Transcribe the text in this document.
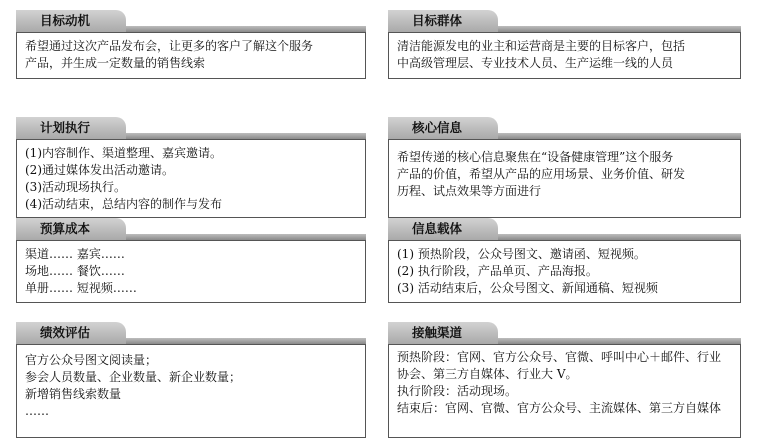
目标动机
希望通过这次产品发布会，让更多的客户了解这个服务
产品，并生成一定数量的销售线索
目标群体
清洁能源发电的业主和运营商是主要的目标客户，包括
中高级管理层、专业技术人员、生产运维一线的人员
计划执行
(1)内容制作、渠道整理、嘉宾邀请。
(2)通过媒体发出活动邀请。
(3)活动现场执行。
(4)活动结束，总结内容的制作与发布
核心信息
希望传递的核心信息聚焦在“设备健康管理”这个服务
产品的价值，希望从产品的应用场景、业务价值、研发
历程、试点效果等方面进行
预算成本
渠道…… 嘉宾……
场地…… 餐饮……
单册…… 短视频……
信息载体
(1) 预热阶段，公众号图文、邀请函、短视频。
(2) 执行阶段，产品单页、产品海报。
(3) 活动结束后，公众号图文、新闻通稿、短视频
绩效评估
官方公众号图文阅读量；
参会人员数量、企业数量、新企业数量；
新增销售线索数量
……
接触渠道
预热阶段：官网、官方公众号、官微、呼叫中心＋邮件、行业
协会、第三方自媒体、行业大 V。
执行阶段：活动现场。
结束后：官网、官微、官方公众号、主流媒体、第三方自媒体
